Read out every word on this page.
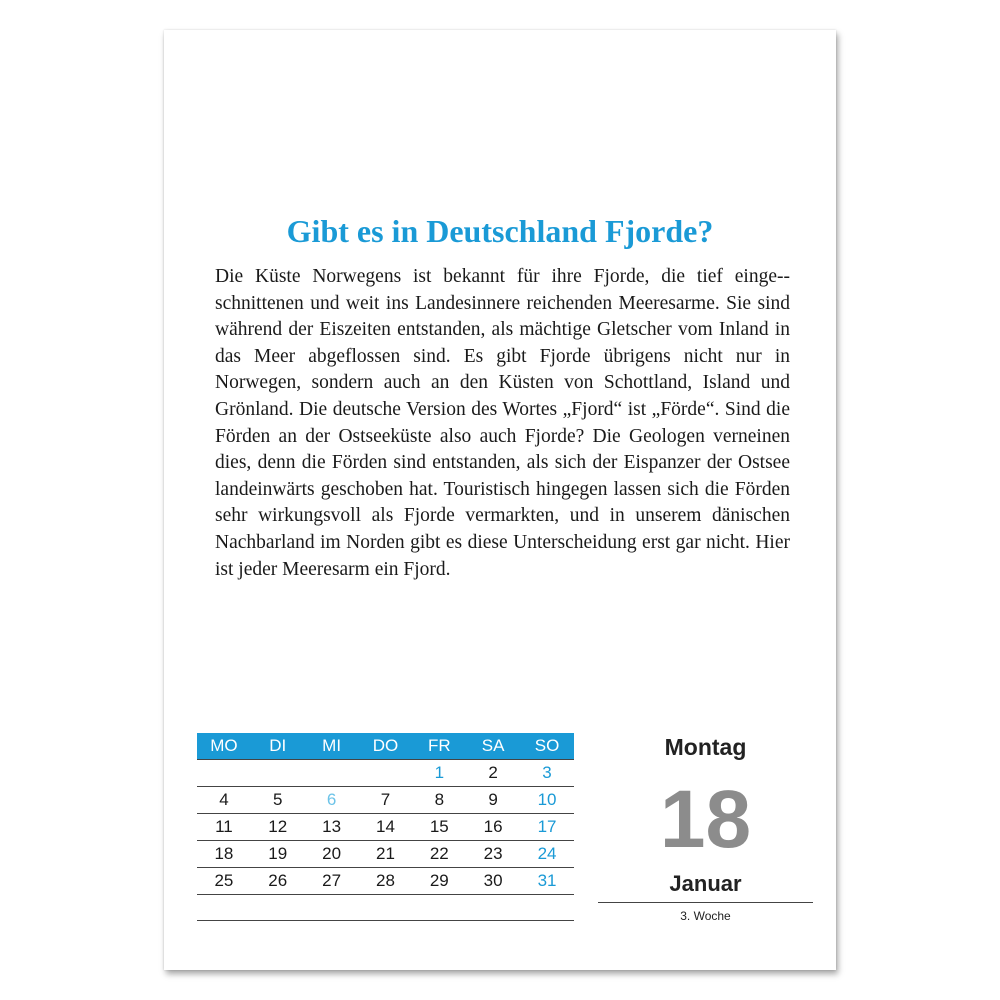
Gibt es in Deutschland Fjorde?

Die Küste Norwegens ist bekannt für ihre Fjorde, die tief einge-schnittenen und weit ins Landesinnere reichenden Meeresarme. Sie sind während der Eiszeiten entstanden, als mächtige Gletscher vom Inland in das Meer abgeflossen sind. Es gibt Fjorde übrigens nicht nur in Norwegen, sondern auch an den Küsten von Schottland, Island und Grönland. Die deutsche Version des Wortes „Fjord“ ist „Förde“. Sind die Förden an der Ostseeküste also auch Fjorde? Die Geologen verneinen dies, denn die Förden sind entstanden, als sich der Eispanzer der Ostsee landeinwärts geschoben hat. Touristisch hingegen lassen sich die Förden sehr wirkungsvoll als Fjorde vermarkten, und in unserem dänischen Nachbarland im Norden gibt es diese Unterscheidung erst gar nicht. Hier ist jeder Meeresarm ein Fjord.

MO	DI	MI	DO	FR	SA	SO
				1	2	3
4	5	6	7	8	9	10
11	12	13	14	15	16	17
18	19	20	21	22	23	24
25	26	27	28	29	30	31

Montag

18

Januar

3. Woche
